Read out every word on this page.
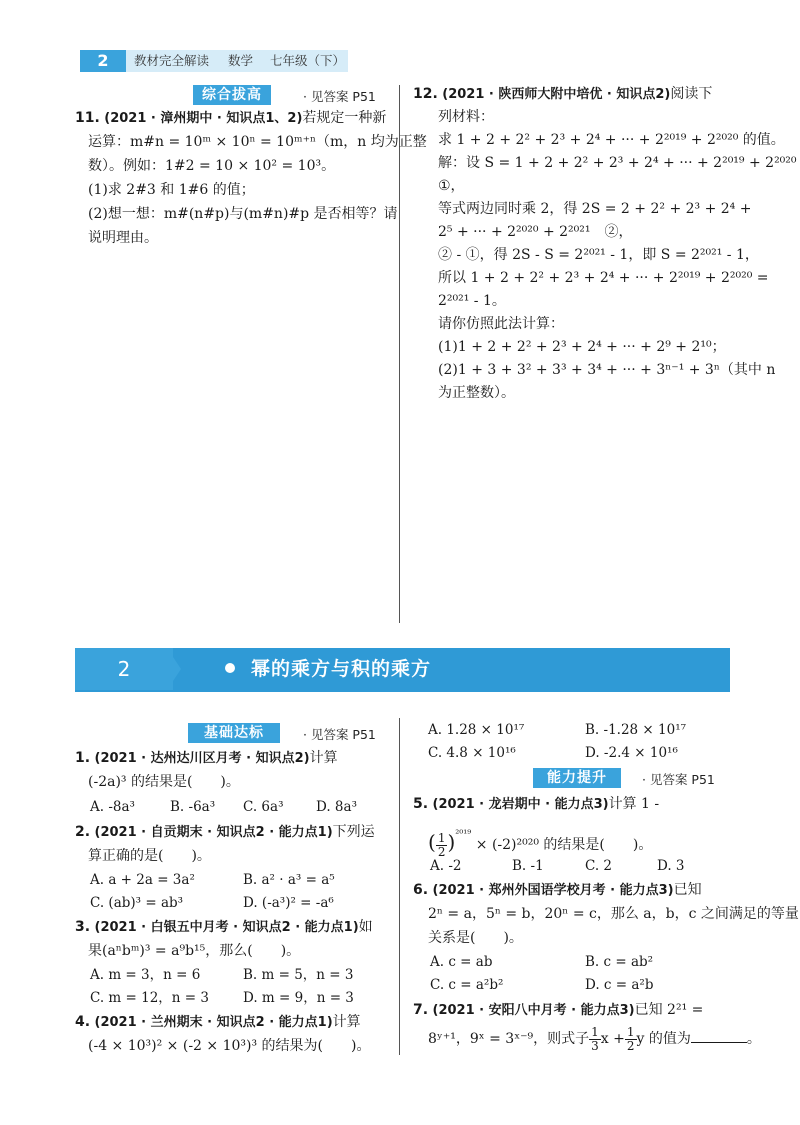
2	教材完全解读 数学 七年级（下）
综合拔高	· 见答案 P51
11. (2021 · 漳州期中 · 知识点1、2)若规定一种新
运算：m#n = 10ᵐ × 10ⁿ = 10ᵐ⁺ⁿ（m，n 均为正整
数）。例如：1#2 = 10 × 10² = 10³。
(1)求 2#3 和 1#6 的值；
(2)想一想：m#(n#p)与(m#n)#p 是否相等？请
说明理由。
12. (2021 · 陕西师大附中培优 · 知识点2)阅读下
列材料：
求 1 + 2 + 2² + 2³ + 2⁴ + ··· + 2²⁰¹⁹ + 2²⁰²⁰ 的值。
解：设 S = 1 + 2 + 2² + 2³ + 2⁴ + ··· + 2²⁰¹⁹ + 2²⁰²⁰
①，
等式两边同时乘 2，得 2S = 2 + 2² + 2³ + 2⁴ +
2⁵ + ··· + 2²⁰²⁰ + 2²⁰²¹　②，
② - ①，得 2S - S = 2²⁰²¹ - 1，即 S = 2²⁰²¹ - 1，
所以 1 + 2 + 2² + 2³ + 2⁴ + ··· + 2²⁰¹⁹ + 2²⁰²⁰ =
2²⁰²¹ - 1。
请你仿照此法计算：
(1)1 + 2 + 2² + 2³ + 2⁴ + ··· + 2⁹ + 2¹⁰；
(2)1 + 3 + 3² + 3³ + 3⁴ + ··· + 3ⁿ⁻¹ + 3ⁿ（其中 n
为正整数）。
2	幂的乘方与积的乘方
基础达标	· 见答案 P51
1. (2021 · 达州达川区月考 · 知识点2)计算
(-2a)³ 的结果是(　　)。
A. -8a³	B. -6a³ C. 6a³ D. 8a³
2. (2021 · 自贡期末 · 知识点2 · 能力点1)下列运
算正确的是(　　)。
A. a + 2a = 3a²	B. a² · a³ = a⁵
C. (ab)³ = ab³	D. (-a³)² = -a⁶
3. (2021 · 白银五中月考 · 知识点2 · 能力点1)如
果(aⁿbᵐ)³ = a⁹b¹⁵，那么(　　)。
A. m = 3，n = 6	B. m = 5，n = 3
C. m = 12，n = 3	D. m = 9，n = 3
4. (2021 · 兰州期末 · 知识点2 · 能力点1)计算
(-4 × 10³)² × (-2 × 10³)³ 的结果为(　　)。
A. 1.28 × 10¹⁷	B. -1.28 × 10¹⁷
C. 4.8 × 10¹⁶	D. -2.4 × 10¹⁶
能力提升	· 见答案 P51
5. (2021 · 龙岩期中 · 能力点3)计算 1 -
( $\frac{1}{2} )^{^{2019}} \times (-2)^{2020}$ 的结果是(　　)。
A. -2	B. -1	C. 2	D. 3
6. (2021 · 郑州外国语学校月考 · 能力点3)已知
2ⁿ = a，5ⁿ = b，20ⁿ = c，那么 a，b，c 之间满足的等量
关系是(　　)。
A. c = ab	B. c = ab²
C. c = a²b²	D. c = a²b
7. (2021 · 安阳八中月考 · 能力点3)已知 2²¹ =
8ʸ⁺¹，9ˣ = 3ˣ⁻⁹，则式子 $\frac{1}{3}$ $x + \frac{1}{2}$ y 的值为	。
